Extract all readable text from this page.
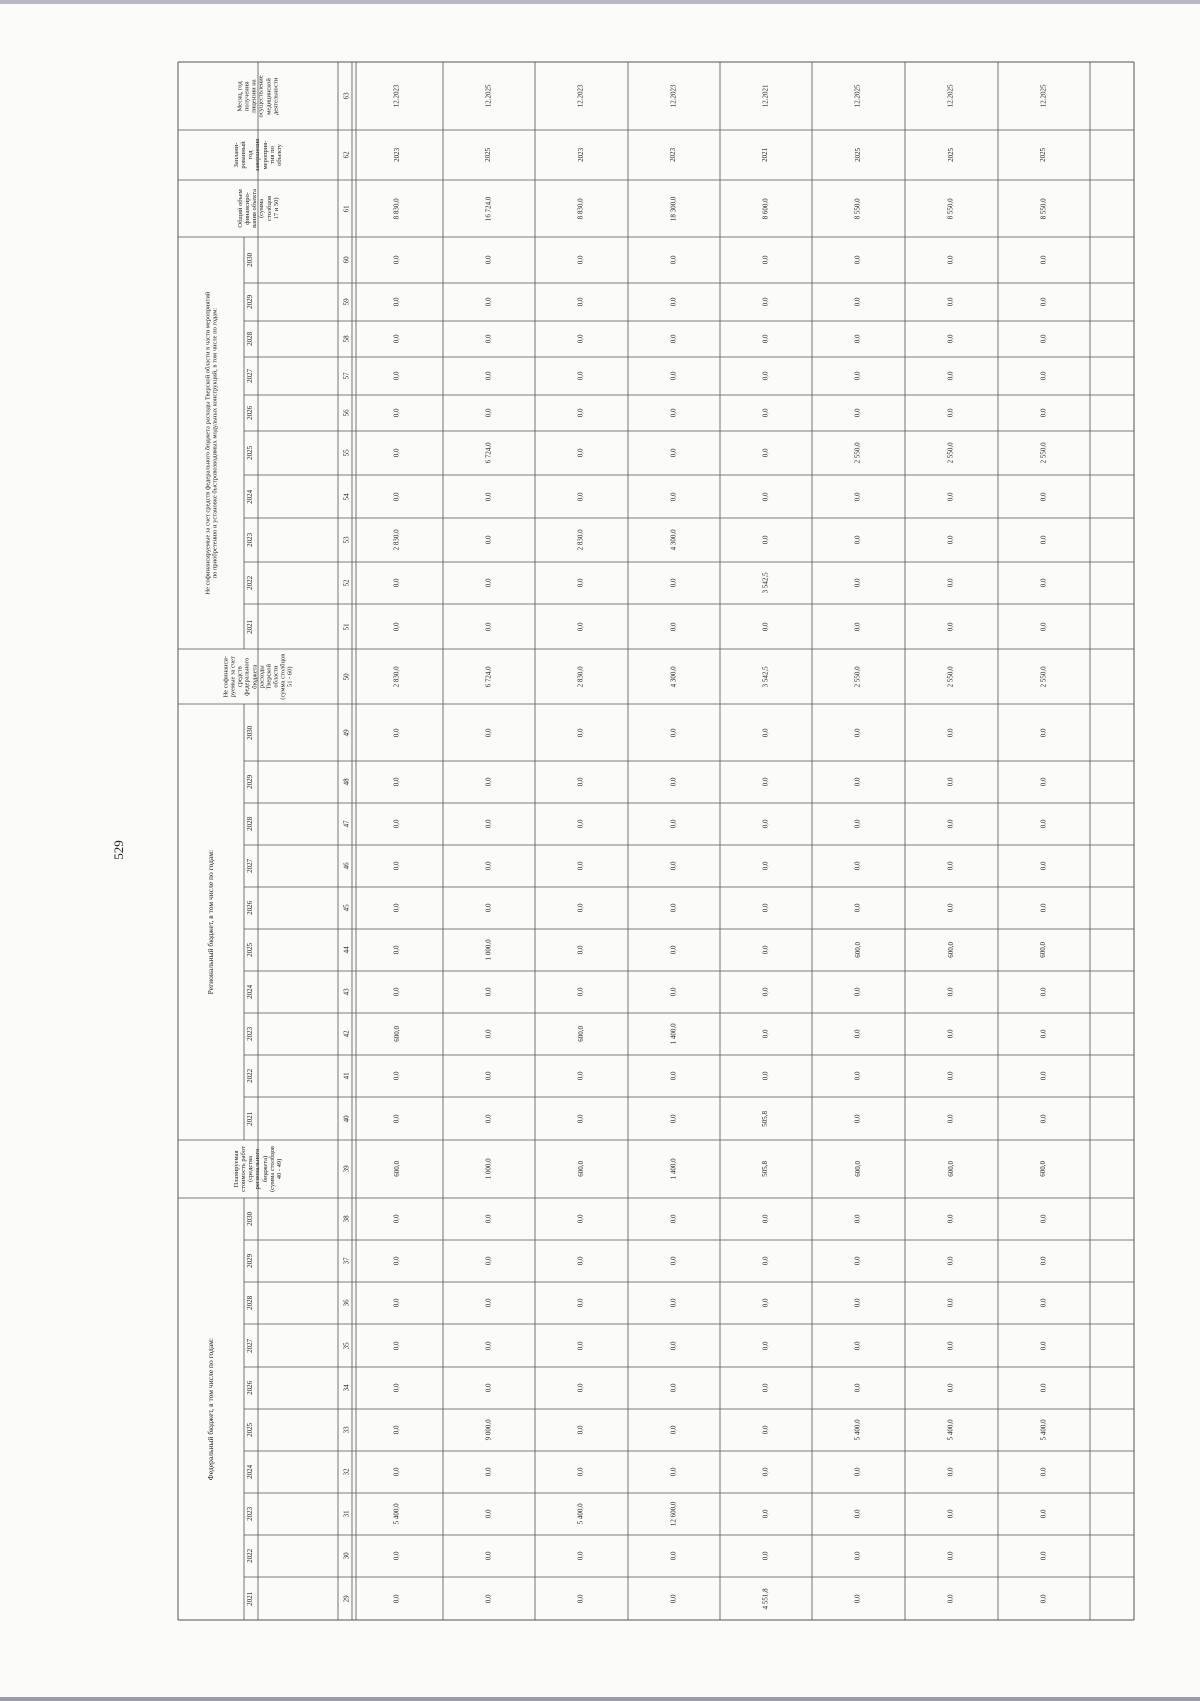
529
Федеральный бюджет, в том числе по годам:
Планируемая
стоимость работ
(средства
регионального
бюджета)
(сумма столбцов
40 - 49)
Региональный бюджет, в том числе по годам:
Не софинанси-
руемые за счет
средств
федерального
бюджета
расходы
Тверской
области
(сумма столбцов
51 - 60)
Не софинансируемые за счет средств федерального бюджета расходы Тверской области в части мероприятий
по приобретению и установке быстровозводимых модульных конструкций, в том числе по годам:
Общий объем
финансиро-
вания объекта
(сумма
столбцов
17 и 50)
Заплани-
рованный
год
завершения
мероприя-
тия по
объекту
Месяц, год
получения
лицензии на
осуществление
медицинской
деятельности
2021
2022
2023
2024
2025
2026
2027
2028
2029
2030
2021
2022
2023
2024
2025
2026
2027
2028
2029
2030
2021
2022
2023
2024
2025
2026
2027
2028
2029
2030
29
30
31
32
33
34
35
36
37
38
39
40
41
42
43
44
45
46
47
48
49
50
51
52
53
54
55
56
57
58
59
60
61
62
63
0,0
0,0
5 400,0
0,0
0,0
0,0
0,0
0,0
0,0
0,0
600,0
0,0
0,0
600,0
0,0
0,0
0,0
0,0
0,0
0,0
0,0
2 830,0
0,0
0,0
2 830,0
0,0
0,0
0,0
0,0
0,0
0,0
0,0
8 830,0
2023
12.2023
0,0
0,0
0,0
0,0
9 000,0
0,0
0,0
0,0
0,0
0,0
1 000,0
0,0
0,0
0,0
0,0
1 000,0
0,0
0,0
0,0
0,0
0,0
6 724,0
0,0
0,0
0,0
0,0
6 724,0
0,0
0,0
0,0
0,0
0,0
16 724,0
2025
12.2025
0,0
0,0
5 400,0
0,0
0,0
0,0
0,0
0,0
0,0
0,0
600,0
0,0
0,0
600,0
0,0
0,0
0,0
0,0
0,0
0,0
0,0
2 830,0
0,0
0,0
2 830,0
0,0
0,0
0,0
0,0
0,0
0,0
0,0
8 830,0
2023
12.2023
0,0
0,0
12 600,0
0,0
0,0
0,0
0,0
0,0
0,0
0,0
1 400,0
0,0
0,0
1 400,0
0,0
0,0
0,0
0,0
0,0
0,0
0,0
4 300,0
0,0
0,0
4 300,0
0,0
0,0
0,0
0,0
0,0
0,0
0,0
18 300,0
2023
12.2023
4 551,8
0,0
0,0
0,0
0,0
0,0
0,0
0,0
0,0
0,0
505,8
505,8
0,0
0,0
0,0
0,0
0,0
0,0
0,0
0,0
0,0
3 542,5
0,0
3 542,5
0,0
0,0
0,0
0,0
0,0
0,0
0,0
0,0
8 600,0
2021
12.2021
0,0
0,0
0,0
0,0
5 400,0
0,0
0,0
0,0
0,0
0,0
600,0
0,0
0,0
0,0
0,0
600,0
0,0
0,0
0,0
0,0
0,0
2 550,0
0,0
0,0
0,0
0,0
2 550,0
0,0
0,0
0,0
0,0
0,0
8 550,0
2025
12.2025
0,0
0,0
0,0
0,0
5 400,0
0,0
0,0
0,0
0,0
0,0
600,0
0,0
0,0
0,0
0,0
600,0
0,0
0,0
0,0
0,0
0,0
2 550,0
0,0
0,0
0,0
0,0
2 550,0
0,0
0,0
0,0
0,0
0,0
8 550,0
2025
12.2025
0,0
0,0
0,0
0,0
5 400,0
0,0
0,0
0,0
0,0
0,0
600,0
0,0
0,0
0,0
0,0
600,0
0,0
0,0
0,0
0,0
0,0
2 550,0
0,0
0,0
0,0
0,0
2 550,0
0,0
0,0
0,0
0,0
0,0
8 550,0
2025
12.2025
